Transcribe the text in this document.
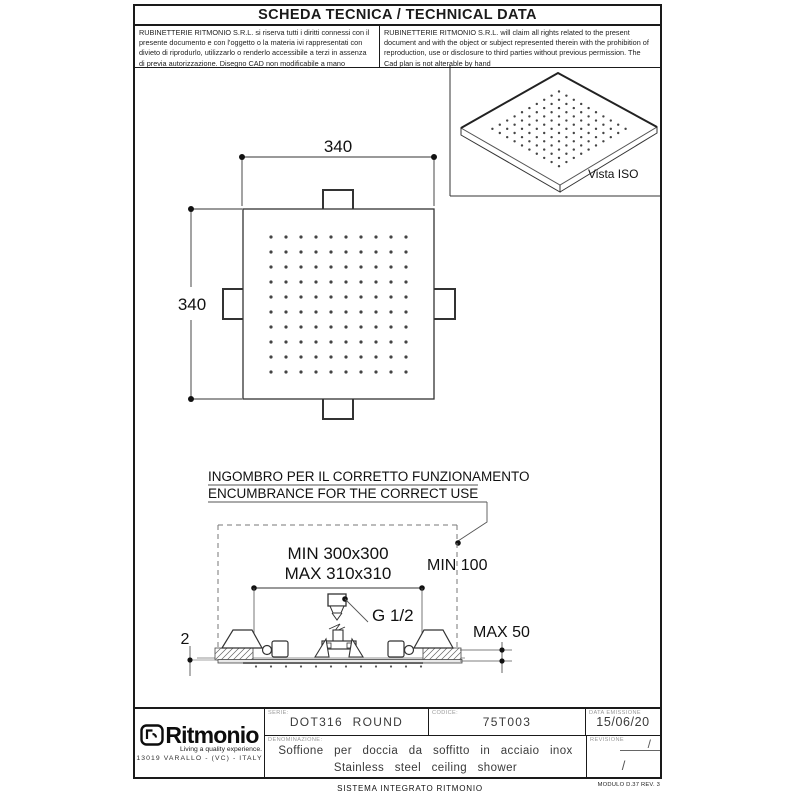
Vista ISO
340
340
INGOMBRO PER IL CORRETTO FUNZIONAMENTO
ENCUMBRANCE FOR THE CORRECT USE
MIN 300x300
MAX 310x310 MIN 100
G 1/2
MAX 50
2
SCHEDA TECNICA / TECHNICAL DATA
RUBINETTERIE RITMONIO S.R.L. si riserva tutti i diritti connessi con il presente documento e con l'oggetto o la materia ivi rappresentati con divieto di riprodurlo, utilizzarlo o renderlo accessibile a terzi in assenza di previa autorizzazione. Disegno CAD non modificabile a mano
RUBINETTERIE RITMONIO S.R.L. will claim all rights related to the present document and with the object or subject represented therein with the prohibition of reproduction, use or disclosure to third parties without previous permission. The Cad plan is not alterable by hand
Ritmonio
Living a quality experience.
13019 VARALLO - (VC) - ITALY
SERIE:
DOT316 ROUND
CODICE:
75T003
DATA EMISSIONE
15/06/20
DENOMINAZIONE:
Soffione per doccia da soffitto in acciaio inox
Stainless steel ceiling shower
REVISIONE /
/
SISTEMA INTEGRATO RITMONIO	MODULO D.37 REV. 3
